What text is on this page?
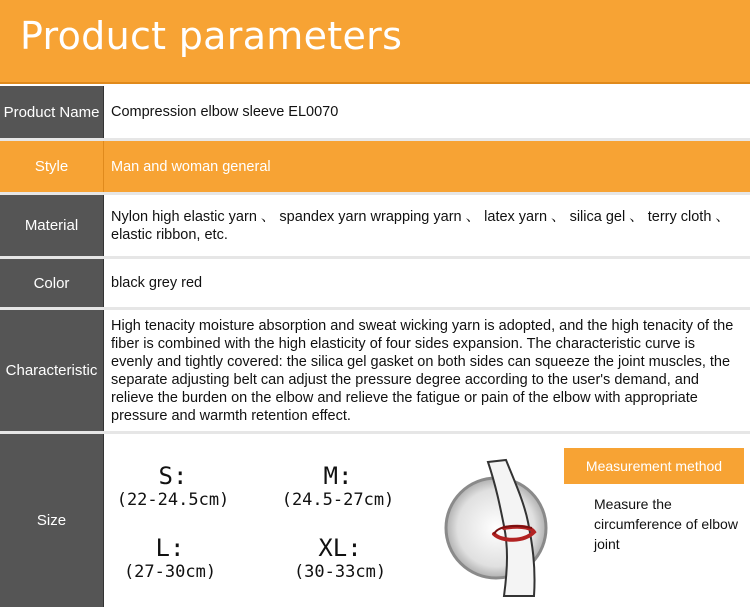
Product parameters
Product Name Compression elbow sleeve EL0070
Style	Man and woman general
Material
Nylon high elastic yarn 、 spandex yarn wrapping yarn 、 latex yarn 、 silica gel 、 terry cloth 、 elastic ribbon, etc.
Color	black grey red
Characteristic
High tenacity moisture absorption and sweat wicking yarn is adopted, and the high tenacity of the fiber is combined with the high elasticity of four sides expansion. The characteristic curve is evenly and tightly covered: the silica gel gasket on both sides can squeeze the joint muscles, the separate adjusting belt can adjust the pressure degree according to the user's demand, and relieve the burden on the elbow and relieve the fatigue or pain of the elbow with appropriate pressure and warmth retention effect.
Size
S:
(22-24.5cm)
M:
(24.5-27cm)
L:
(27-30cm)
XL:
(30-33cm)
Measurement method
Measure the circumference of elbow joint
